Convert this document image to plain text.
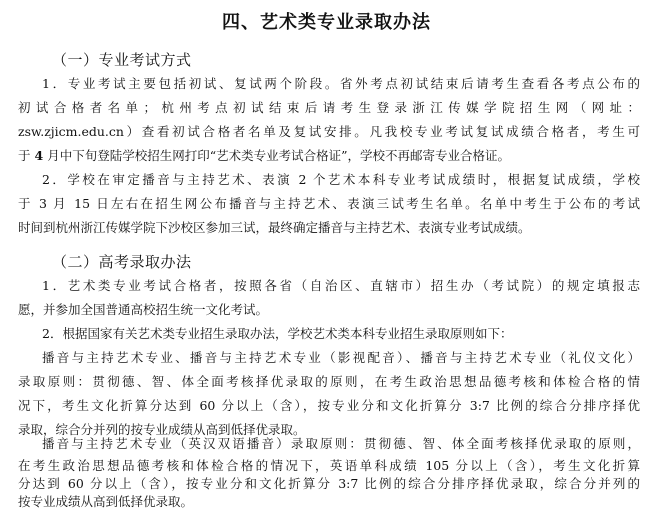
四、艺术类专业录取办法
（一）专业考试方式
1．专业考试主要包括初试、复试两个阶段。省外考点初试结束后请考生查看各考点公布的
初试合格者名单；杭州考点初试结束后请考生登录浙江传媒学院招生网（网址：
zsw.zjicm.edu.cn）查看初试合格者名单及复试安排。凡我校专业考试复试成绩合格者，考生可
于 4 月中下旬登陆学校招生网打印“艺术类专业考试合格证”，学校不再邮寄专业合格证。
2．学校在审定播音与主持艺术、表演 2 个艺术本科专业考试成绩时，根据复试成绩，学校
于 3 月 15 日左右在招生网公布播音与主持艺术、表演三试考生名单。名单中考生于公布的考试
时间到杭州浙江传媒学院下沙校区参加三试，最终确定播音与主持艺术、表演专业考试成绩。
（二）高考录取办法
1．艺术类专业考试合格者，按照各省（自治区、直辖市）招生办（考试院）的规定填报志
愿，并参加全国普通高校招生统一文化考试。
2．根据国家有关艺术类专业招生录取办法，学校艺术类本科专业招生录取原则如下：
播音与主持艺术专业、播音与主持艺术专业（影视配音）、播音与主持艺术专业（礼仪文化）
录取原则：贯彻德、智、体全面考核择优录取的原则，在考生政治思想品德考核和体检合格的情
况下，考生文化折算分达到 60 分以上（含），按专业分和文化折算分 3:7 比例的综合分排序择优
录取，综合分并列的按专业成绩从高到低择优录取。
播音与主持艺术专业（英汉双语播音）录取原则：贯彻德、智、体全面考核择优录取的原则，
在考生政治思想品德考核和体检合格的情况下，英语单科成绩 105 分以上（含），考生文化折算
分达到 60 分以上（含），按专业分和文化折算分 3:7 比例的综合分排序择优录取，综合分并列的
按专业成绩从高到低择优录取。
